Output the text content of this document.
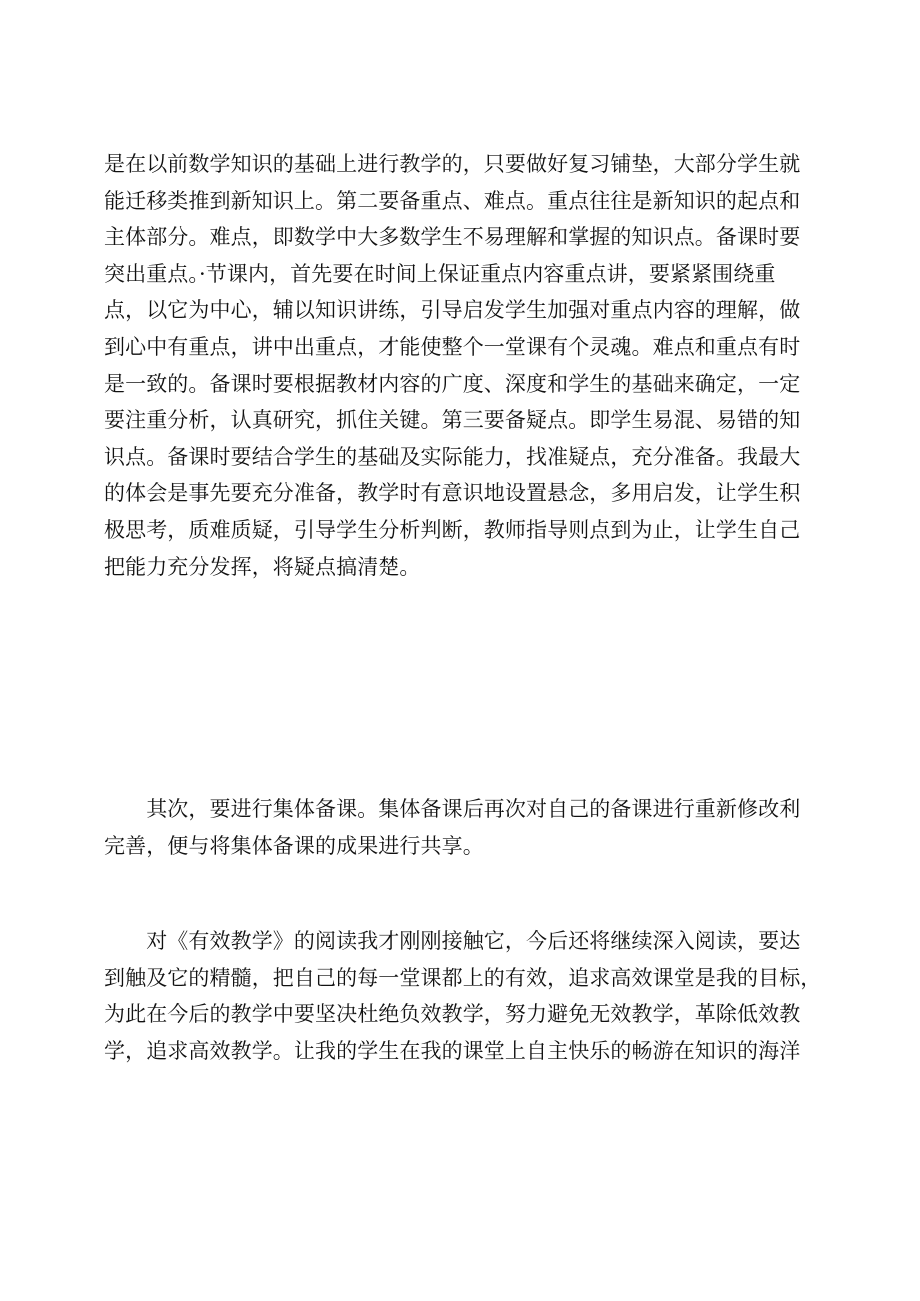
是在以前数学知识的基础上进行教学的，只要做好复习铺垫，大部分学生就
能迁移类推到新知识上。第二要备重点、难点。重点往往是新知识的起点和
主体部分。难点，即数学中大多数学生不易理解和掌握的知识点。备课时要
突出重点。·节课内，首先要在时间上保证重点内容重点讲，要紧紧围绕重
点，以它为中心，辅以知识讲练，引导启发学生加强对重点内容的理解，做
到心中有重点，讲中出重点，才能使整个一堂课有个灵魂。难点和重点有时
是一致的。备课时要根据教材内容的广度、深度和学生的基础来确定，一定
要注重分析，认真研究，抓住关键。第三要备疑点。即学生易混、易错的知
识点。备课时要结合学生的基础及实际能力，找准疑点，充分准备。我最大
的体会是事先要充分准备，教学时有意识地设置悬念，多用启发，让学生积
极思考，质难质疑，引导学生分析判断，教师指导则点到为止，让学生自己
把能力充分发挥，将疑点搞清楚。
　　其次，要进行集体备课。集体备课后再次对自己的备课进行重新修改利
完善，便与将集体备课的成果进行共享。
　　对《有效教学》的阅读我才刚刚接触它，今后还将继续深入阅读，要达
到触及它的精髓，把自己的每一堂课都上的有效，追求高效课堂是我的目标，
为此在今后的教学中要坚决杜绝负效教学，努力避免无效教学，革除低效教
学，追求高效教学。让我的学生在我的课堂上自主快乐的畅游在知识的海洋
